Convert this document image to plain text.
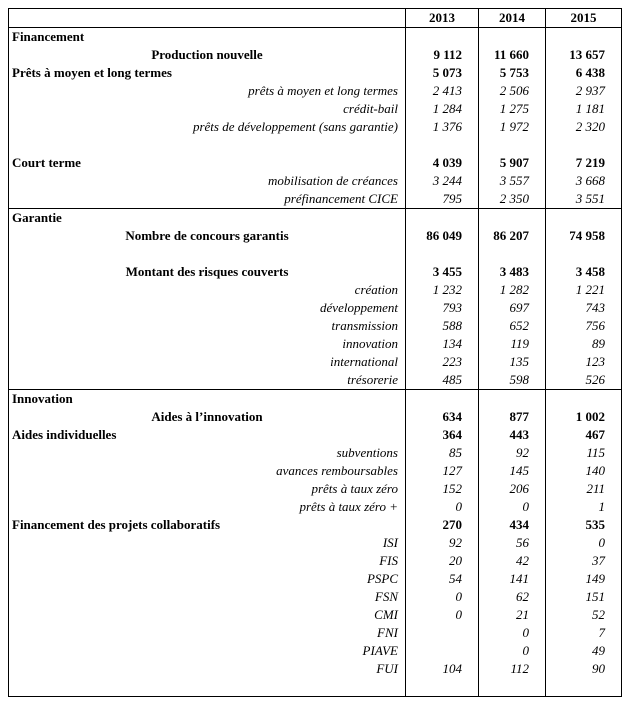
	2013	2014	2015
Financement			
Production nouvelle	9 112	11 660	13 657
Prêts à moyen et long termes	5 073	5 753	6 438
prêts à moyen et long termes	2 413	2 506	2 937
crédit-bail	1 284	1 275	1 181
prêts de développement (sans garantie)	1 376	1 972	2 320

Court terme	4 039	5 907	7 219
mobilisation de créances	3 244	3 557	3 668
préfinancement CICE	795	2 350	3 551
Garantie			
Nombre de concours garantis	86 049	86 207	74 958

Montant des risques couverts	3 455	3 483	3 458
création	1 232	1 282	1 221
développement	793	697	743
transmission	588	652	756
innovation	134	119	89
international	223	135	123
trésorerie	485	598	526
Innovation			
Aides à l’innovation	634	877	1 002
Aides individuelles	364	443	467
subventions	85	92	115
avances remboursables	127	145	140
prêts à taux zéro	152	206	211
prêts à taux zéro +	0	0	1
Financement des projets collaboratifs	270	434	535
ISI	92	56	0
FIS	20	42	37
PSPC	54	141	149
FSN	0	62	151
CMI	0	21	52
FNI		0	7
PIAVE		0	49
FUI	104	112	90
